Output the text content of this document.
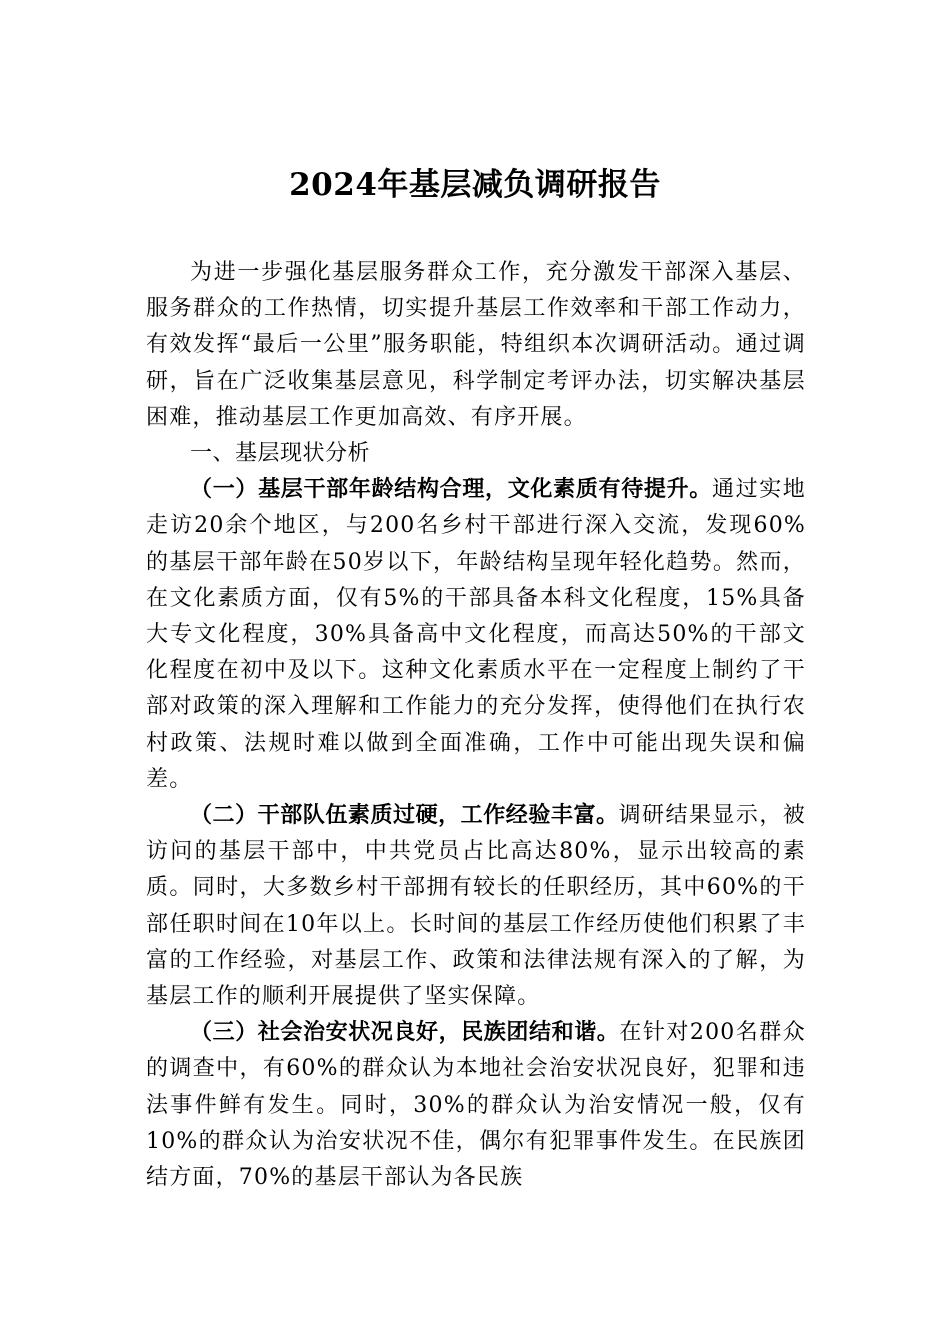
2024年基层减负调研报告

为进一步强化基层服务群众工作，充分激发干部深入基层、服务群众的工作热情，切实提升基层工作效率和干部工作动力，有效发挥“最后一公里”服务职能，特组织本次调研活动。通过调研，旨在广泛收集基层意见，科学制定考评办法，切实解决基层困难，推动基层工作更加高效、有序开展。

一、基层现状分析

（一）基层干部年龄结构合理，文化素质有待提升。通过实地走访20余个地区，与200名乡村干部进行深入交流，发现60%的基层干部年龄在50岁以下，年龄结构呈现年轻化趋势。然而，在文化素质方面，仅有5%的干部具备本科文化程度，15%具备大专文化程度，30%具备高中文化程度，而高达50%的干部文化程度在初中及以下。这种文化素质水平在一定程度上制约了干部对政策的深入理解和工作能力的充分发挥，使得他们在执行农村政策、法规时难以做到全面准确，工作中可能出现失误和偏差。

（二）干部队伍素质过硬，工作经验丰富。调研结果显示，被访问的基层干部中，中共党员占比高达80%，显示出较高的素质。同时，大多数乡村干部拥有较长的任职经历，其中60%的干部任职时间在10年以上。长时间的基层工作经历使他们积累了丰富的工作经验，对基层工作、政策和法律法规有深入的了解，为基层工作的顺利开展提供了坚实保障。

（三）社会治安状况良好，民族团结和谐。在针对200名群众的调查中，有60%的群众认为本地社会治安状况良好，犯罪和违法事件鲜有发生。同时，30%的群众认为治安情况一般，仅有10%的群众认为治安状况不佳，偶尔有犯罪事件发生。在民族团结方面，70%的基层干部认为各民族
